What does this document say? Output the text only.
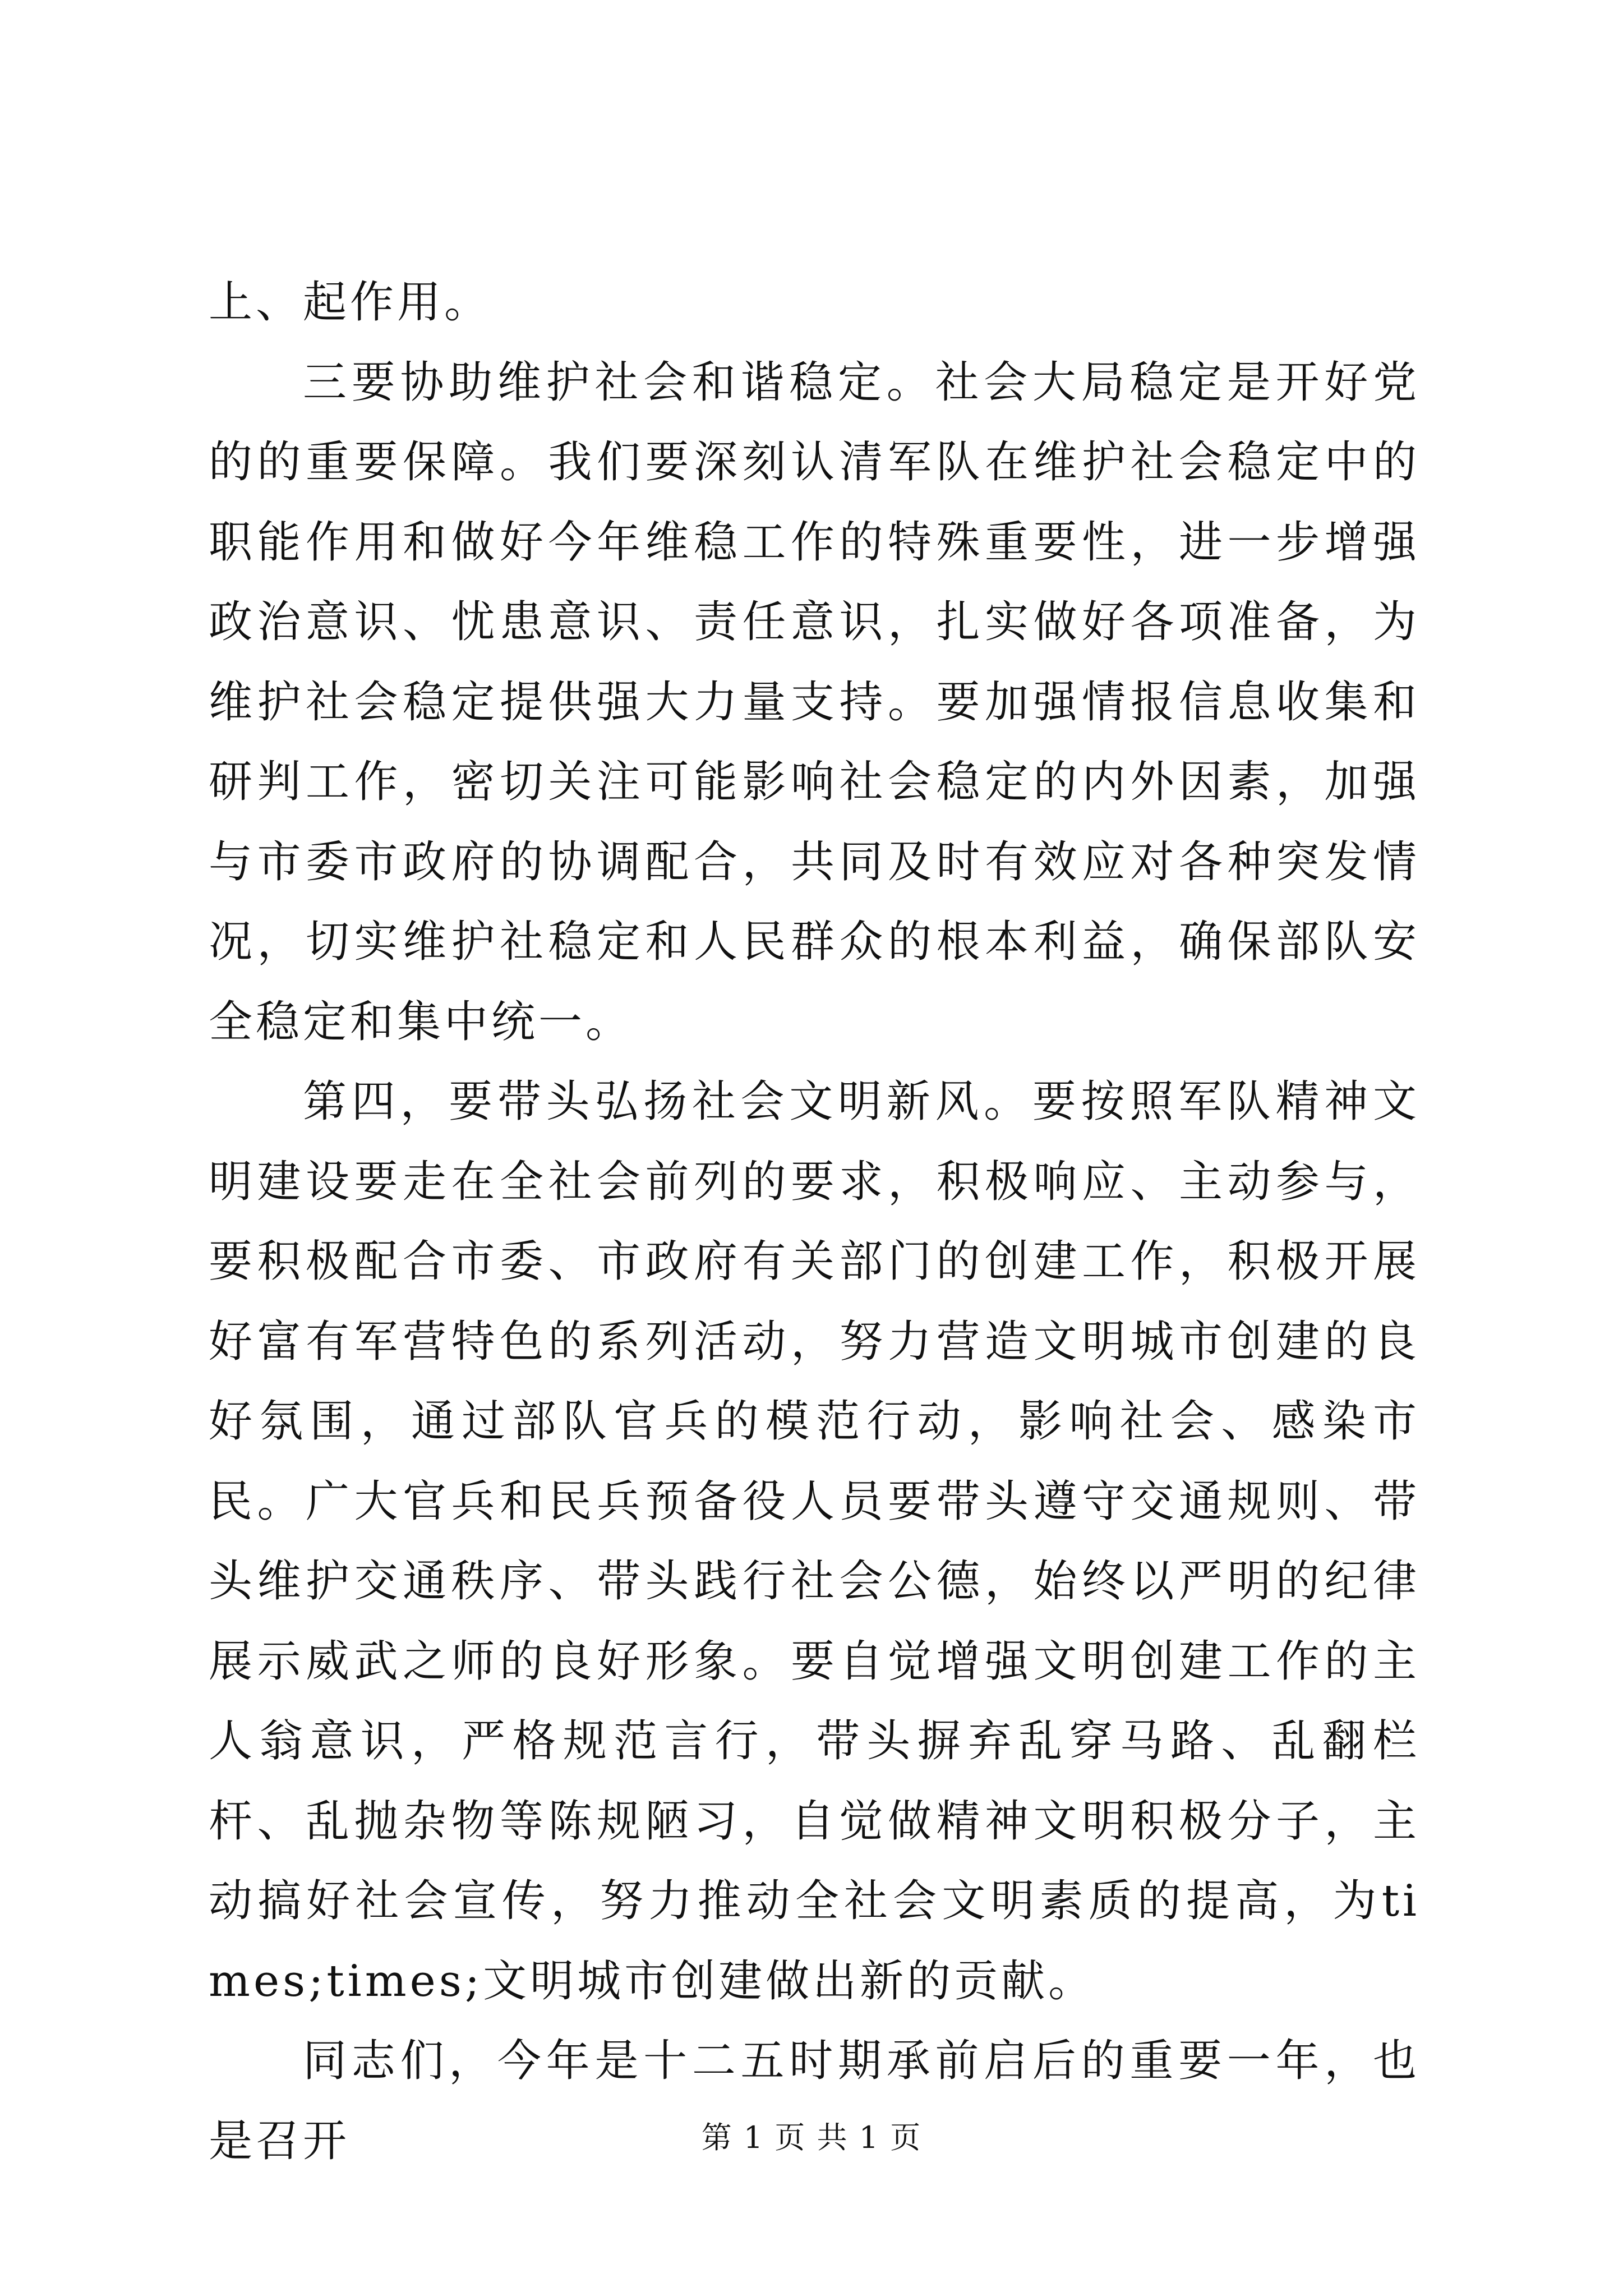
上、起作用。

三要协助维护社会和谐稳定。社会大局稳定是开好党的的重要保障。我们要深刻认清军队在维护社会稳定中的职能作用和做好今年维稳工作的特殊重要性，进一步增强政治意识、忧患意识、责任意识，扎实做好各项准备，为维护社会稳定提供强大力量支持。要加强情报信息收集和研判工作，密切关注可能影响社会稳定的内外因素，加强与市委市政府的协调配合，共同及时有效应对各种突发情况，切实维护社稳定和人民群众的根本利益，确保部队安全稳定和集中统一。

第四，要带头弘扬社会文明新风。要按照军队精神文明建设要走在全社会前列的要求，积极响应、主动参与，要积极配合市委、市政府有关部门的创建工作，积极开展好富有军营特色的系列活动，努力营造文明城市创建的良好氛围，通过部队官兵的模范行动，影响社会、感染市民。广大官兵和民兵预备役人员要带头遵守交通规则、带头维护交通秩序、带头践行社会公德，始终以严明的纪律展示威武之师的良好形象。要自觉增强文明创建工作的主人翁意识，严格规范言行，带头摒弃乱穿马路、乱翻栏杆、乱抛杂物等陈规陋习，自觉做精神文明积极分子，主动搞好社会宣传，努力推动全社会文明素质的提高，为times;times;文明城市创建做出新的贡献。

同志们，今年是十二五时期承前启后的重要一年，也是召开	第 1 页 共 1 页
